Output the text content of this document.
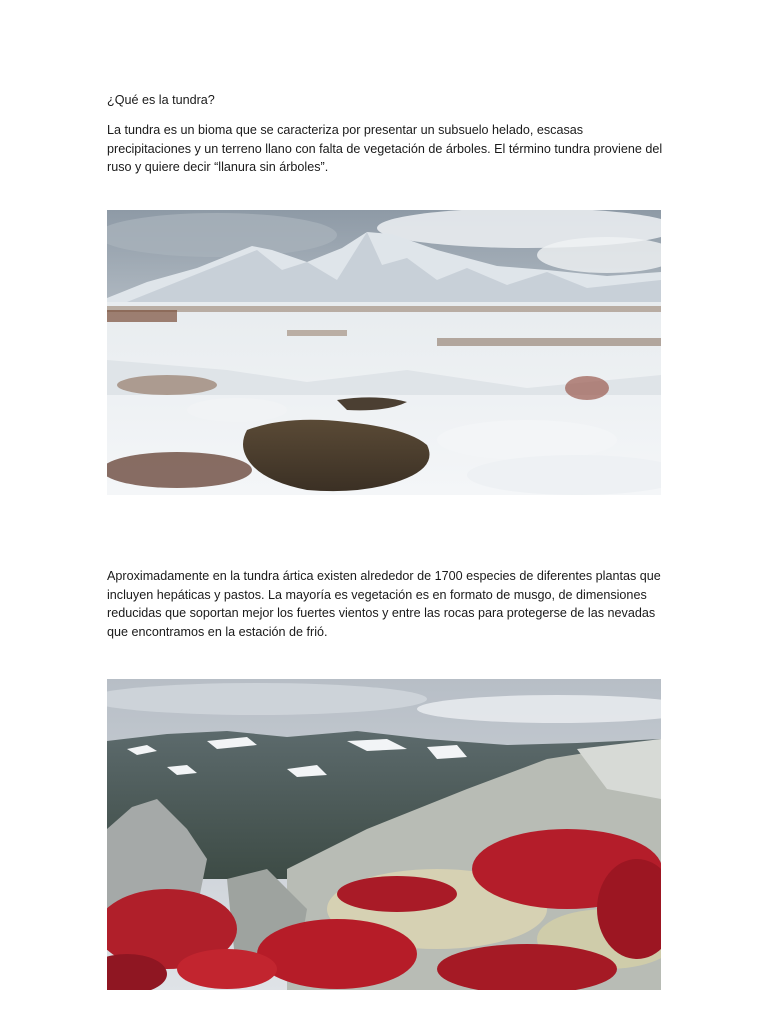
¿Qué es la tundra?

La tundra es un bioma que se caracteriza por presentar un subsuelo helado, escasas precipitaciones y un terreno llano con falta de vegetación de árboles. El término tundra proviene del ruso y quiere decir “llanura sin árboles”.

Aproximadamente en la tundra ártica existen alrededor de 1700 especies de diferentes plantas que incluyen hepáticas y pastos. La mayoría es vegetación es en formato de musgo, de dimensiones reducidas que soportan mejor los fuertes vientos y entre las rocas para protegerse de las nevadas que encontramos en la estación de frió.
